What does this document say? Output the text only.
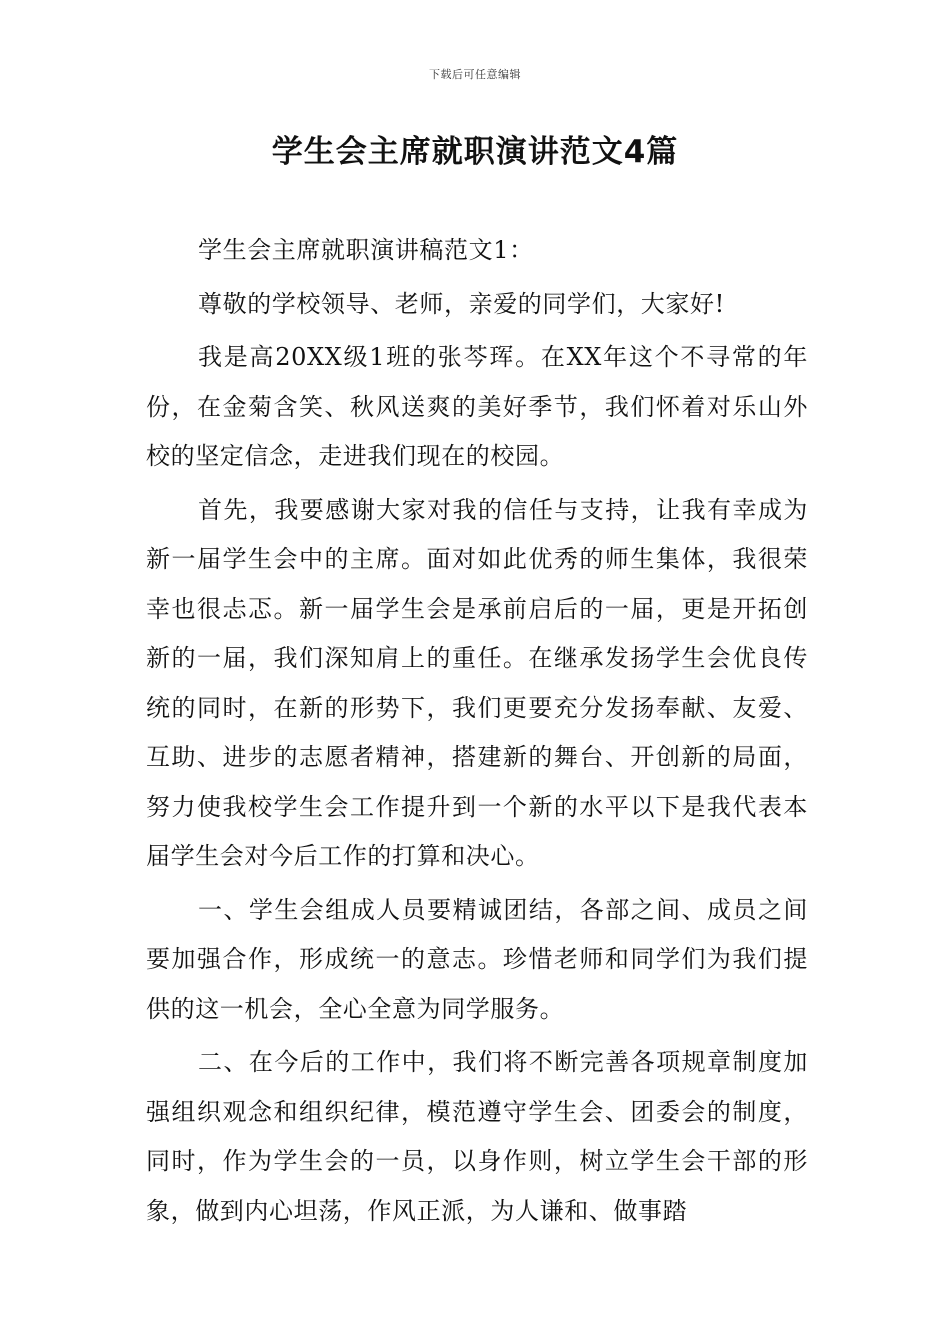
下载后可任意编辑
学生会主席就职演讲范文4篇

学生会主席就职演讲稿范文1：

尊敬的学校领导、老师，亲爱的同学们，大家好!

我是高20XX级1班的张芩珲。在XX年这个不寻常的年份，在金菊含笑、秋风送爽的美好季节，我们怀着对乐山外校的坚定信念，走进我们现在的校园。

首先，我要感谢大家对我的信任与支持，让我有幸成为新一届学生会中的主席。面对如此优秀的师生集体，我很荣幸也很忐忑。新一届学生会是承前启后的一届，更是开拓创新的一届，我们深知肩上的重任。在继承发扬学生会优良传统的同时，在新的形势下，我们更要充分发扬奉献、友爱、互助、进步的志愿者精神，搭建新的舞台、开创新的局面，努力使我校学生会工作提升到一个新的水平以下是我代表本届学生会对今后工作的打算和决心。

一、学生会组成人员要精诚团结，各部之间、成员之间要加强合作，形成统一的意志。珍惜老师和同学们为我们提供的这一机会，全心全意为同学服务。

二、在今后的工作中，我们将不断完善各项规章制度加强组织观念和组织纪律，模范遵守学生会、团委会的制度，同时，作为学生会的一员，以身作则，树立学生会干部的形象，做到内心坦荡，作风正派，为人谦和、做事踏
